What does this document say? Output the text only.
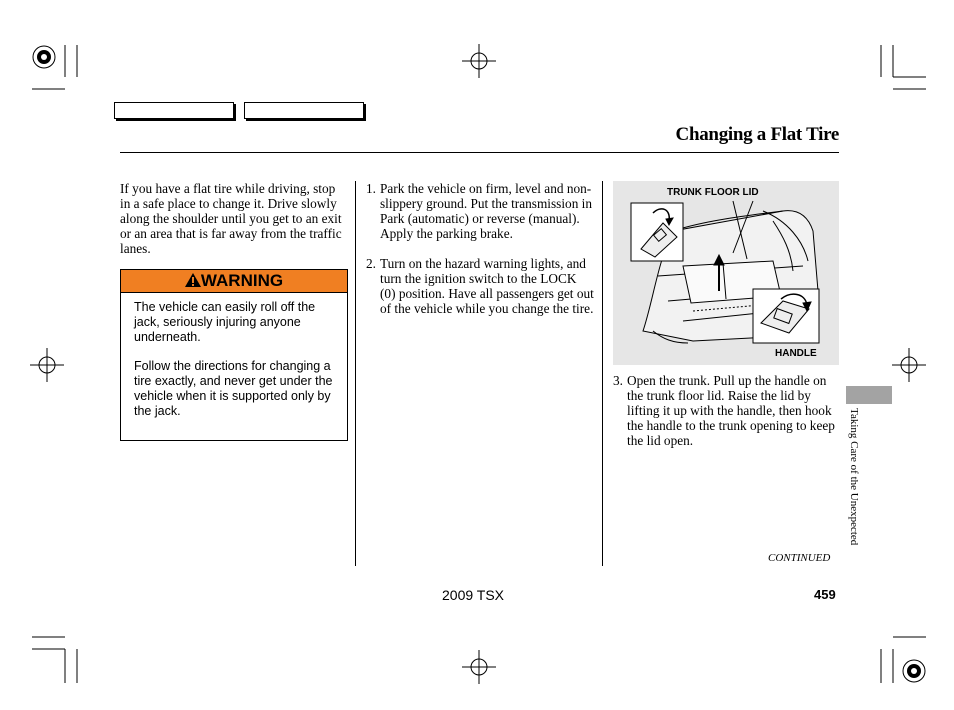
Changing a Flat Tire
If you have a flat tire while driving, stop in a safe place to change it. Drive slowly along the shoulder until you get to an exit or an area that is far away from the traffic lanes.
WARNING

The vehicle can easily roll off the jack, seriously injuring anyone underneath.

Follow the directions for changing a tire exactly, and never get under the vehicle when it is supported only by the jack.

1. Park the vehicle on firm, level and non-slippery ground. Put the transmission in Park (automatic) or reverse (manual). Apply the parking brake.
2. Turn on the hazard warning lights, and turn the ignition switch to the LOCK (0) position. Have all passengers get out of the vehicle while you change the tire.
TRUNK FLOOR LID
HANDLE
3. Open the trunk. Pull up the handle on the trunk floor lid. Raise the lid by lifting it up with the handle, then hook the handle to the trunk opening to keep the lid open.	Taking Care of the Unexpected
CONTINUED
2009 TSX	459
